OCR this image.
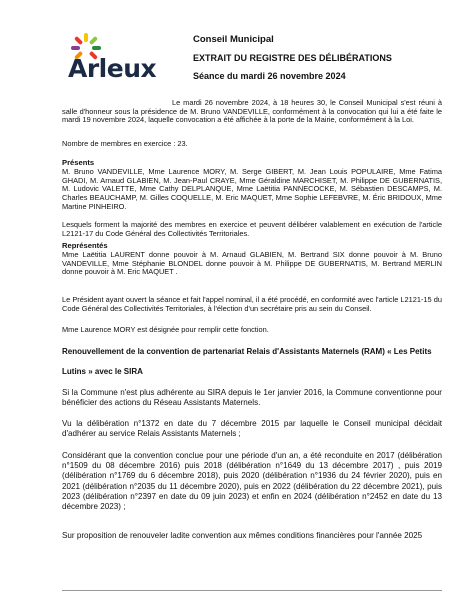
Arleux
Conseil Municipal
EXTRAIT DU REGISTRE DES DÉLIBÉRATIONS
Séance du mardi 26 novembre 2024
Le mardi 26 novembre 2024, à 18 heures 30, le Conseil Municipal s'est réuni à salle d'honneur sous la présidence de M. Bruno VANDEVILLE, conformément à la convocation qui lui a été faite le mardi 19 novembre 2024, laquelle convocation a été affichée à la porte de la Mairie, conformément à la Loi.
Nombre de membres en exercice : 23.
Présents
M. Bruno VANDEVILLE, Mme Laurence MORY, M. Serge GIBERT, M. Jean Louis POPULAIRE, Mme Fatima GHADI, M. Arnaud GLABIEN, M. Jean-Paul CRAYE, Mme Géraldine MARCHISET, M. Philippe DE GUBERNATIS, M. Ludovic VALETTE, Mme Cathy DELPLANQUE, Mme Laëtitia PANNECOCKE, M. Sébastien DESCAMPS, M. Charles BEAUCHAMP, M. Gilles COQUELLE, M. Eric MAQUET, Mme Sophie LEFEBVRE, M. Éric BRIDOUX, Mme Martine PINHEIRO.
Lesquels forment la majorité des membres en exercice et peuvent délibérer valablement en exécution de l'article L2121-17 du Code Général des Collectivités Territoriales.
Représentés
Mme Laëtitia LAURENT donne pouvoir à M. Arnaud GLABIEN, M. Bertrand SIX donne pouvoir à M. Bruno VANDEVILLE, Mme Stéphanie BLONDEL donne pouvoir à M. Philippe DE GUBERNATIS, M. Bertrand MERLIN donne pouvoir à M. Eric MAQUET .
Le Président ayant ouvert la séance et fait l'appel nominal, il a été procédé, en conformité avec l'article L2121-15 du Code Général des Collectivités Territoriales, à l'élection d'un secrétaire pris au sein du Conseil.
Mme Laurence MORY est désignée pour remplir cette fonction.
Renouvellement de la convention de partenariat Relais d'Assistants Maternels (RAM) « Les Petits
Lutins » avec le SIRA
Si la Commune n'est plus adhérente au SIRA depuis le 1er janvier 2016, la Commune conventionne pour bénéficier des actions du Réseau Assistants Maternels.
Vu la délibération n°1372 en date du 7 décembre 2015 par laquelle le Conseil municipal décidait d'adhérer au service Relais Assistants Maternels ;
Considérant que la convention conclue pour une période d'un an, a été reconduite en 2017 (délibération n°1509 du 08 décembre 2016) puis 2018 (délibération n°1649 du 13 décembre 2017) , puis 2019 (délibération n°1769 du 6 décembre 2018), puis 2020 (délibération n°1936 du 24 février 2020), puis en 2021 (délibération n°2035 du 11 décembre 2020), puis en 2022 (délibération du 22 décembre 2021), puis 2023 (délibération n°2397 en date du 09 juin 2023) et enfin en 2024 (délibération n°2452 en date du 13 décembre 2023) ;
Sur proposition de renouveler ladite convention aux mêmes conditions financières pour l'année 2025
